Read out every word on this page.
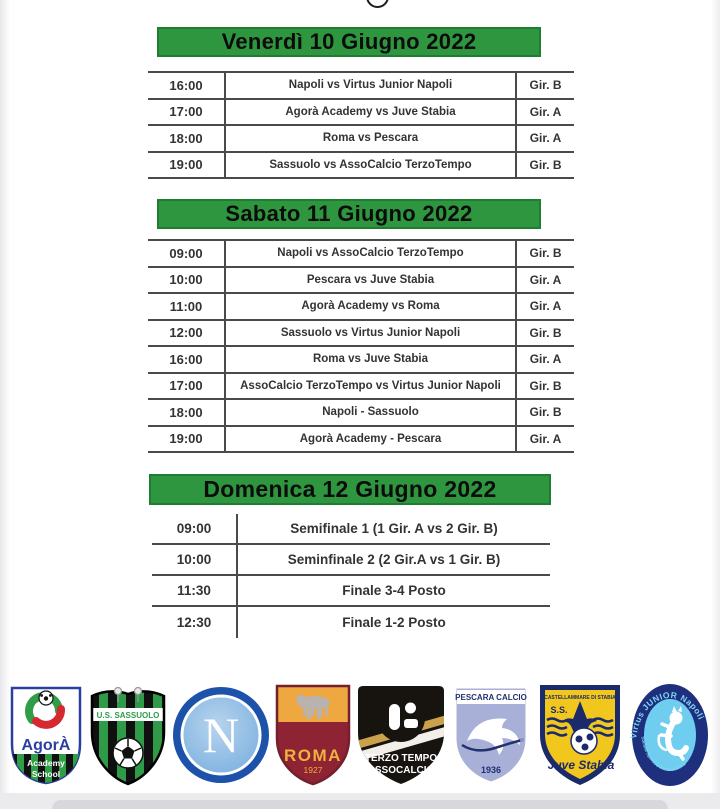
Venerdì 10 Giugno 2022
16:00	Napoli vs Virtus Junior Napoli	Gir. B
17:00	Agorà Academy vs Juve Stabia	Gir. A
18:00	Roma vs Pescara	Gir. A
19:00	Sassuolo vs AssoCalcio TerzoTempo	Gir. B
Sabato 11 Giugno 2022
09:00	Napoli vs AssoCalcio TerzoTempo	Gir. B
10:00	Pescara vs Juve Stabia	Gir. A
11:00	Agorà Academy vs Roma	Gir. A
12:00	Sassuolo vs Virtus Junior Napoli	Gir. B
16:00	Roma vs Juve Stabia	Gir. A
17:00	AssoCalcio TerzoTempo vs Virtus Junior Napoli	Gir. B
18:00	Napoli - Sassuolo	Gir. B
19:00	Agorà Academy - Pescara	Gir. A
Domenica 12 Giugno 2022
09:00	Semifinale 1 (1 Gir. A vs 2 Gir. B)
10:00	Seminfinale 2 (2 Gir.A vs 1 Gir. B)
11:30	Finale 3-4 Posto
12:30	Finale 1-2 Posto
AgorÀ
Academy
School
U.S. SASSUOLO N	ROMA
1927
TERZO TEMPO
ASSOCALCIO
PESCARA CALCIO
1936
CASTELLAMMARE DI STABIA
S.S.
Juve Stabia
Virtus JUNIOR Napoli
Società Sportiva Dilettantistica
